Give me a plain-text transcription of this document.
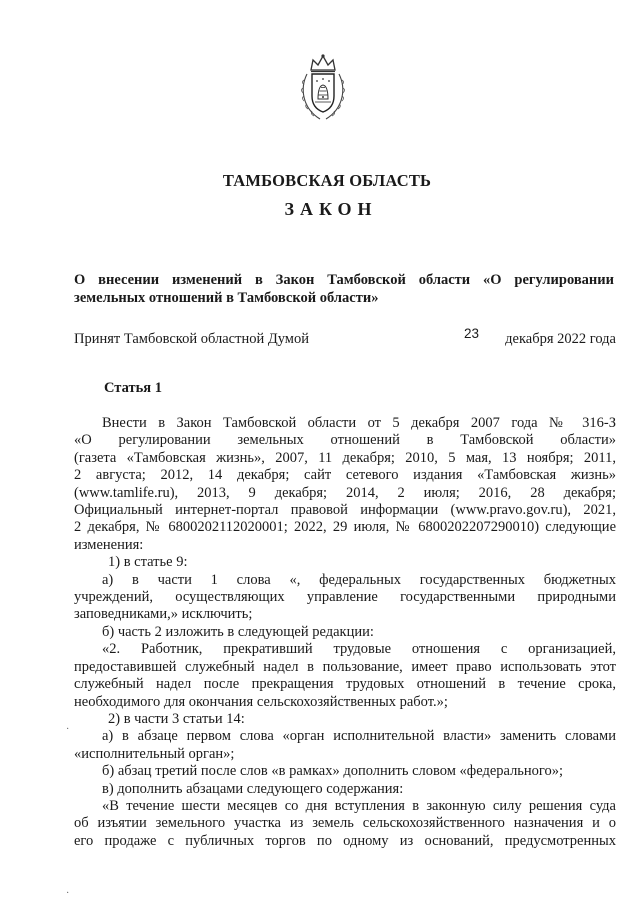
ТАМБОВСКАЯ ОБЛАСТЬ
ЗАКОН
О внесении изменений в Закон Тамбовской области «О регулировании земельных отношений в Тамбовской области»
Принят Тамбовской областной Думой	23 декабря 2022 года
Статья 1

Внести в Закон Тамбовской области от 5 декабря 2007 года № 316-З

«О регулировании земельных отношений в Тамбовской области»

(газета «Тамбовская жизнь», 2007, 11 декабря; 2010, 5 мая, 13 ноября; 2011,

2 августа; 2012, 14 декабря; сайт сетевого издания «Тамбовская жизнь»

(www.tamlife.ru), 2013, 9 декабря; 2014, 2 июля; 2016, 28 декабря;

Официальный интернет-портал правовой информации (www.pravo.gov.ru), 2021,

2 декабря, № 6800202112020001; 2022, 29 июля, № 6800202207290010) следующие

изменения:

1) в статье 9:

а) в части 1 слова «, федеральных государственных бюджетных

учреждений, осуществляющих управление государственными природными

заповедниками,» исключить;

б) часть 2 изложить в следующей редакции:

«2. Работник, прекративший трудовые отношения с организацией,

предоставившей служебный надел в пользование, имеет право использовать этот

служебный надел после прекращения трудовых отношений в течение срока,

необходимого для окончания сельскохозяйственных работ.»;

2) в части 3 статьи 14:

а) в абзаце первом слова «орган исполнительной власти» заменить словами

«исполнительный орган»;

б) абзац третий после слов «в рамках» дополнить словом «федерального»;

в) дополнить абзацами следующего содержания:

«В течение шести месяцев со дня вступления в законную силу решения суда

об изъятии земельного участка из земель сельскохозяйственного назначения и о

его продаже с публичных торгов по одному из оснований, предусмотренных

·
·
